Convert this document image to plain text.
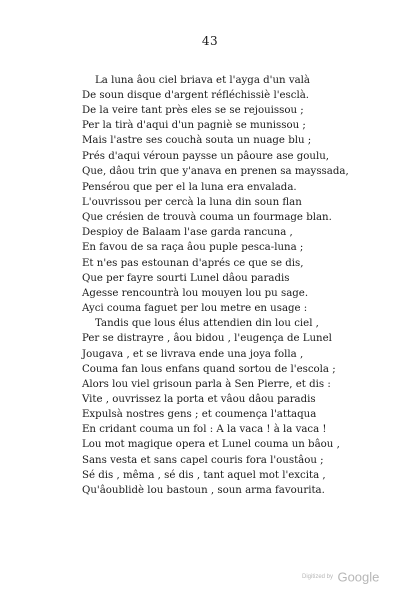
43
La luna âou ciel briava et l'ayga d'un valà
De soun disque d'argent réfléchissiè l'esclà.
De la veire tant près eles se se rejouissou ;
Per la tirà d'aqui d'un pagniè se munissou ;
Mais l'astre ses couchà souta un nuage blu ;
Prés d'aqui véroun paysse un pâoure ase goulu,
Que, dâou trin que y'anava en prenen sa mayssada,
Pensérou que per el la luna era envalada.
L'ouvrissou per cercà la luna din soun flan
Que crésien de trouvà couma un fourmage blan.
Despioy de Balaam l'ase garda rancuna ,
En favou de sa raça âou puple pesca-luna ;
Et n'es pas estounan d'aprés ce que se dis,
Que per fayre sourti Lunel dâou paradis
Agesse rencountrà lou mouyen lou pu sage.
Ayci couma faguet per lou metre en usage :
Tandis que lous élus attendien din lou ciel ,
Per se distrayre , âou bidou , l'eugença de Lunel
Jougava , et se livrava ende una joya folla ,
Couma fan lous enfans quand sortou de l'escola ;
Alors lou viel grisoun parla à Sen Pierre, et dis :
Vite , ouvrissez la porta et vâou dâou paradis
Expulsà nostres gens ; et coumença l'attaqua
En cridant couma un fol : A la vaca ! à la vaca !
Lou mot magique opera et Lunel couma un bâou ,
Sans vesta et sans capel couris fora l'oustâou ;
Sé dis , mêma , sé dis , tant aquel mot l'excita ,
Qu'âoublidè lou bastoun , soun arma favourita.
Digitized by Google
